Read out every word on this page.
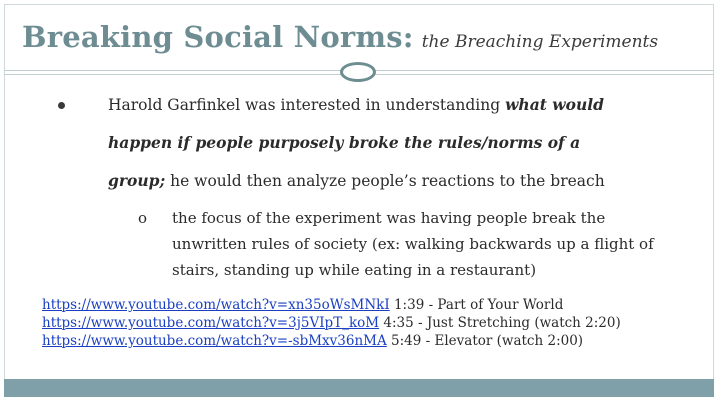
Breaking Social Norms: the Breaching Experiments
Harold Garfinkel was interested in understanding what would
happen if people purposely broke the rules/norms of a
group; he would then analyze people’s reactions to the breach
o the focus of the experiment was having people break the
unwritten rules of society (ex: walking backwards up a flight of
stairs, standing up while eating in a restaurant)
https://www.youtube.com/watch?v=xn35oWsMNkI 1:39 - Part of Your World
https://www.youtube.com/watch?v=3j5VIpT_koM 4:35 - Just Stretching (watch 2:20)
https://www.youtube.com/watch?v=-sbMxv36nMA 5:49 - Elevator (watch 2:00)
